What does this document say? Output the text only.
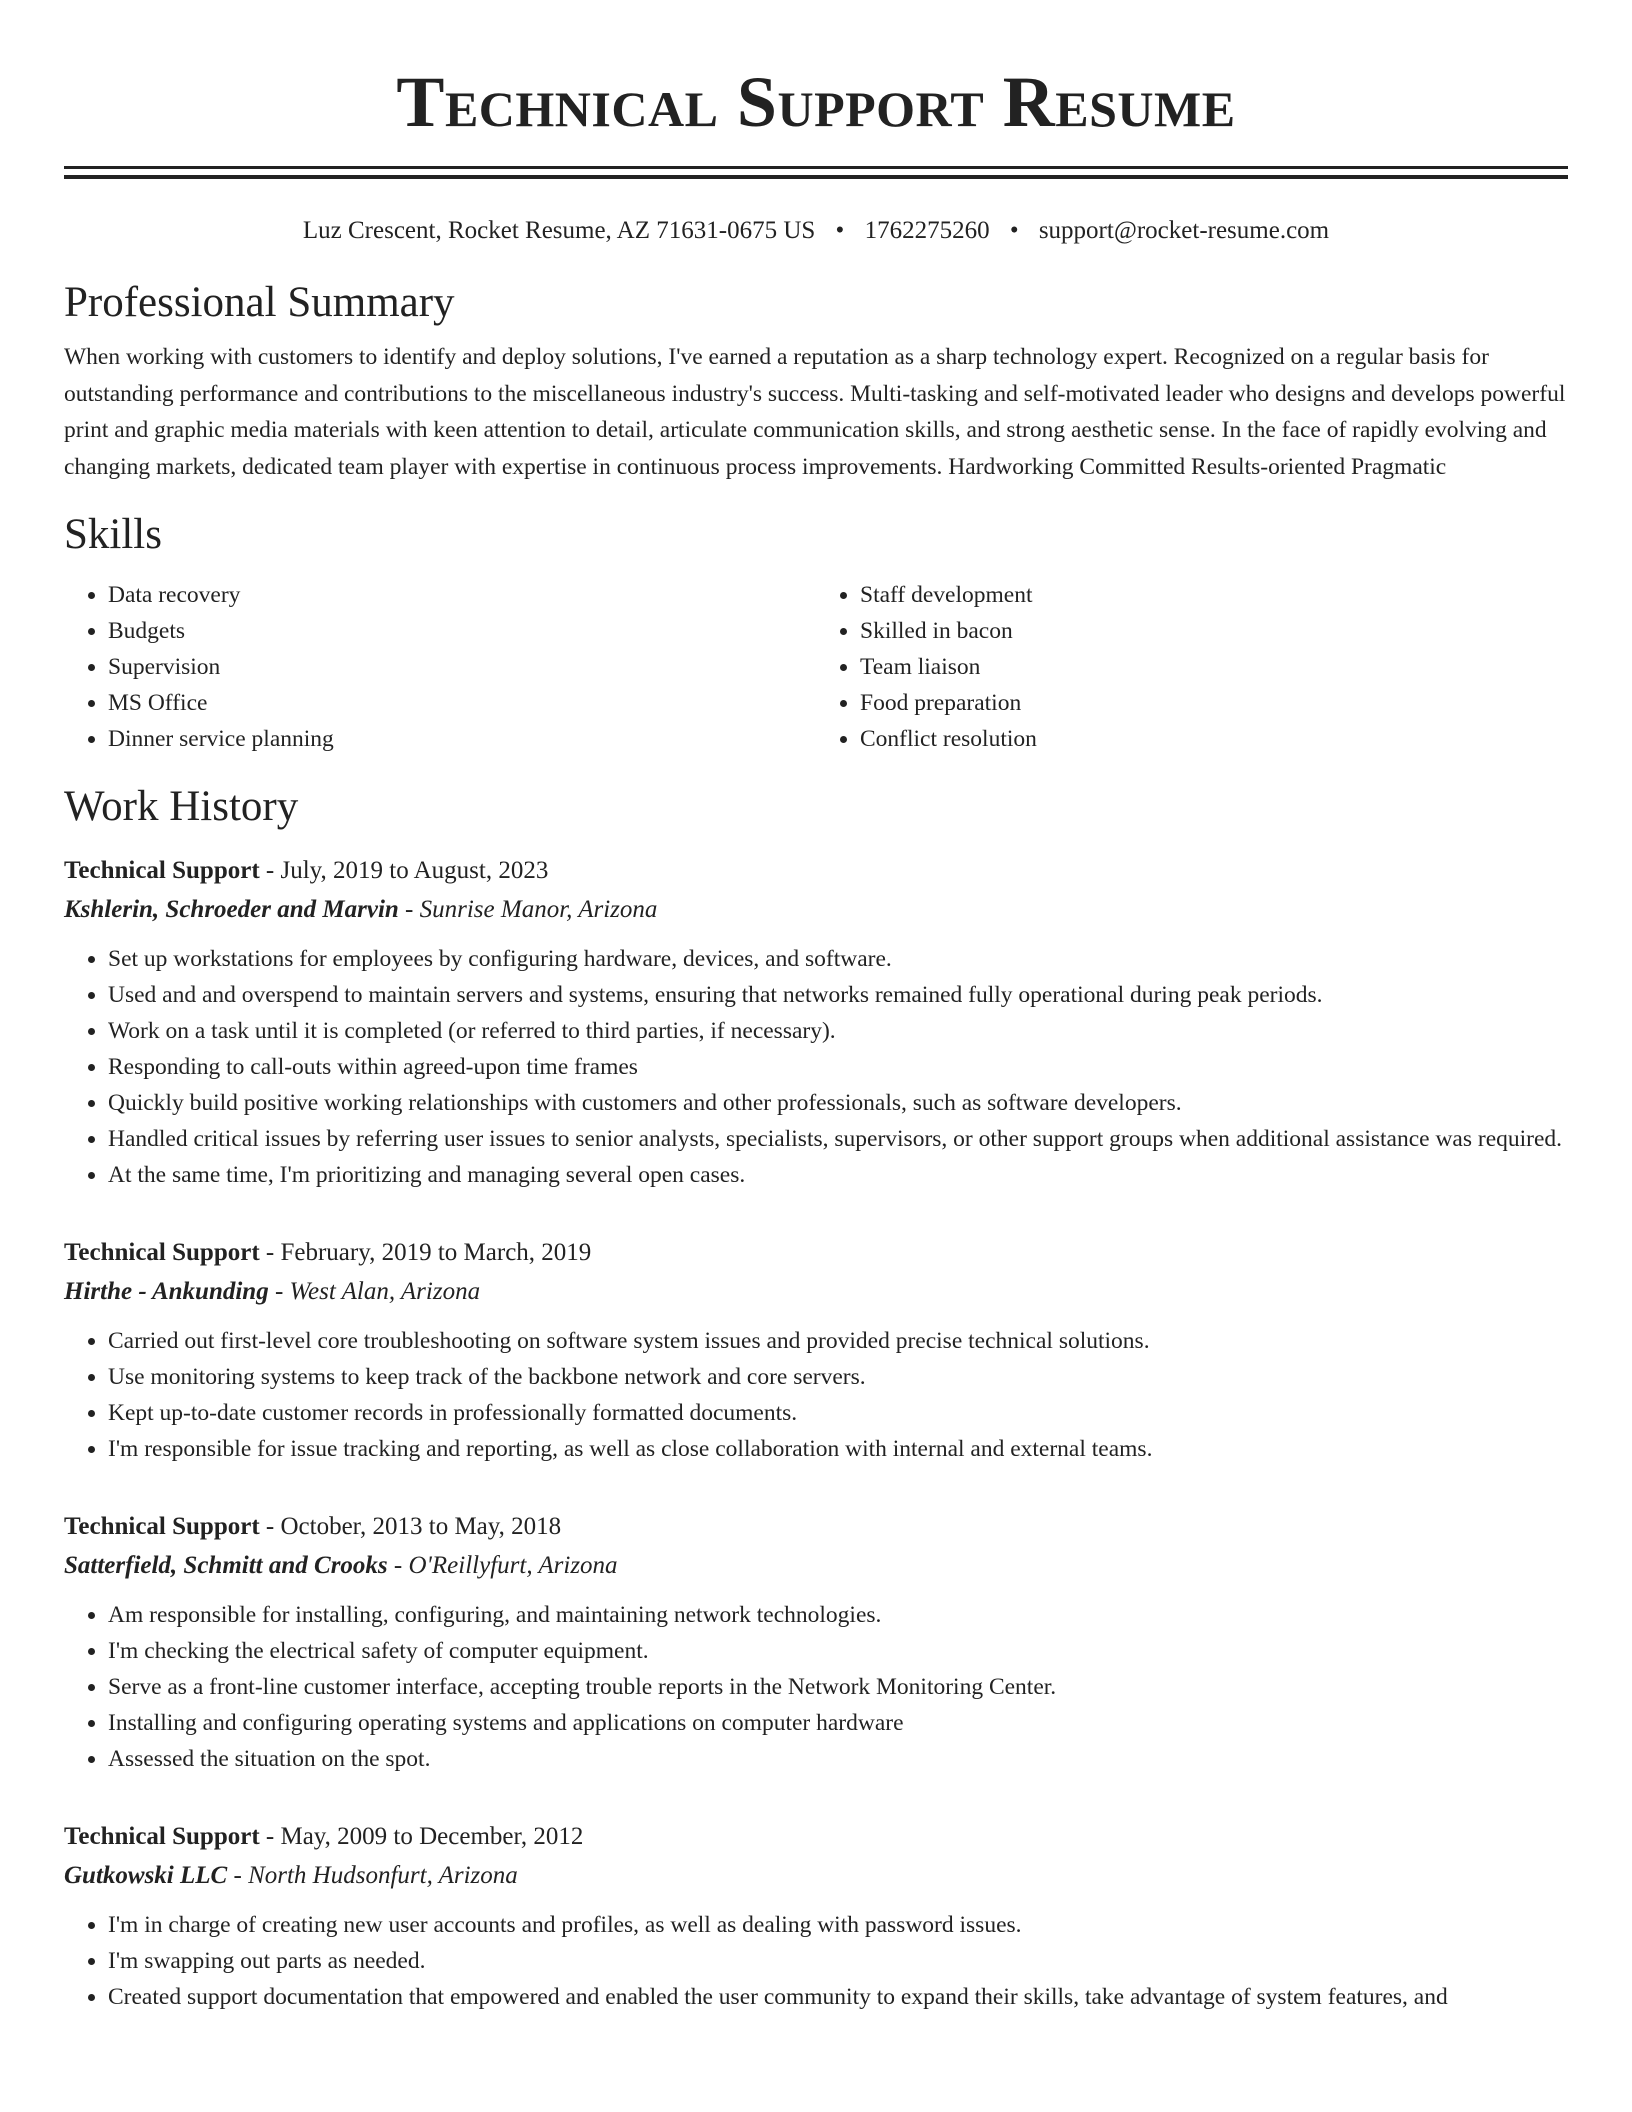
Technical Support Resume
Luz Crescent, Rocket Resume, AZ 71631-0675 US • 1762275260 • support@rocket-resume.com
Professional Summary

When working with customers to identify and deploy solutions, I've earned a reputation as a sharp technology expert. Recognized on a regular basis for outstanding performance and contributions to the miscellaneous industry's success. Multi-tasking and self-motivated leader who designs and develops powerful print and graphic media materials with keen attention to detail, articulate communication skills, and strong aesthetic sense. In the face of rapidly evolving and changing markets, dedicated team player with expertise in continuous process improvements. Hardworking Committed Results-oriented Pragmatic

Skills
• Data recovery
• Budgets
• Supervision
• MS Office
• Dinner service planning
• Staff development
• Skilled in bacon
• Team liaison
• Food preparation
• Conflict resolution
Work History
Technical Support - July, 2019 to August, 2023
Kshlerin, Schroeder and Marvin - Sunrise Manor, Arizona
• Set up workstations for employees by configuring hardware, devices, and software.
• Used and and overspend to maintain servers and systems, ensuring that networks remained fully operational during peak periods.
• Work on a task until it is completed (or referred to third parties, if necessary).
• Responding to call-outs within agreed-upon time frames
• Quickly build positive working relationships with customers and other professionals, such as software developers.
• Handled critical issues by referring user issues to senior analysts, specialists, supervisors, or other support groups when additional assistance was required.
• At the same time, I'm prioritizing and managing several open cases.
Technical Support - February, 2019 to March, 2019
Hirthe - Ankunding - West Alan, Arizona
• Carried out first-level core troubleshooting on software system issues and provided precise technical solutions.
• Use monitoring systems to keep track of the backbone network and core servers.
• Kept up-to-date customer records in professionally formatted documents.
• I'm responsible for issue tracking and reporting, as well as close collaboration with internal and external teams.
Technical Support - October, 2013 to May, 2018
Satterfield, Schmitt and Crooks - O'Reillyfurt, Arizona
• Am responsible for installing, configuring, and maintaining network technologies.
• I'm checking the electrical safety of computer equipment.
• Serve as a front-line customer interface, accepting trouble reports in the Network Monitoring Center.
• Installing and configuring operating systems and applications on computer hardware
• Assessed the situation on the spot.
Technical Support - May, 2009 to December, 2012
Gutkowski LLC - North Hudsonfurt, Arizona
• I'm in charge of creating new user accounts and profiles, as well as dealing with password issues.
• I'm swapping out parts as needed.
• Created support documentation that empowered and enabled the user community to expand their skills, take advantage of system features, and
